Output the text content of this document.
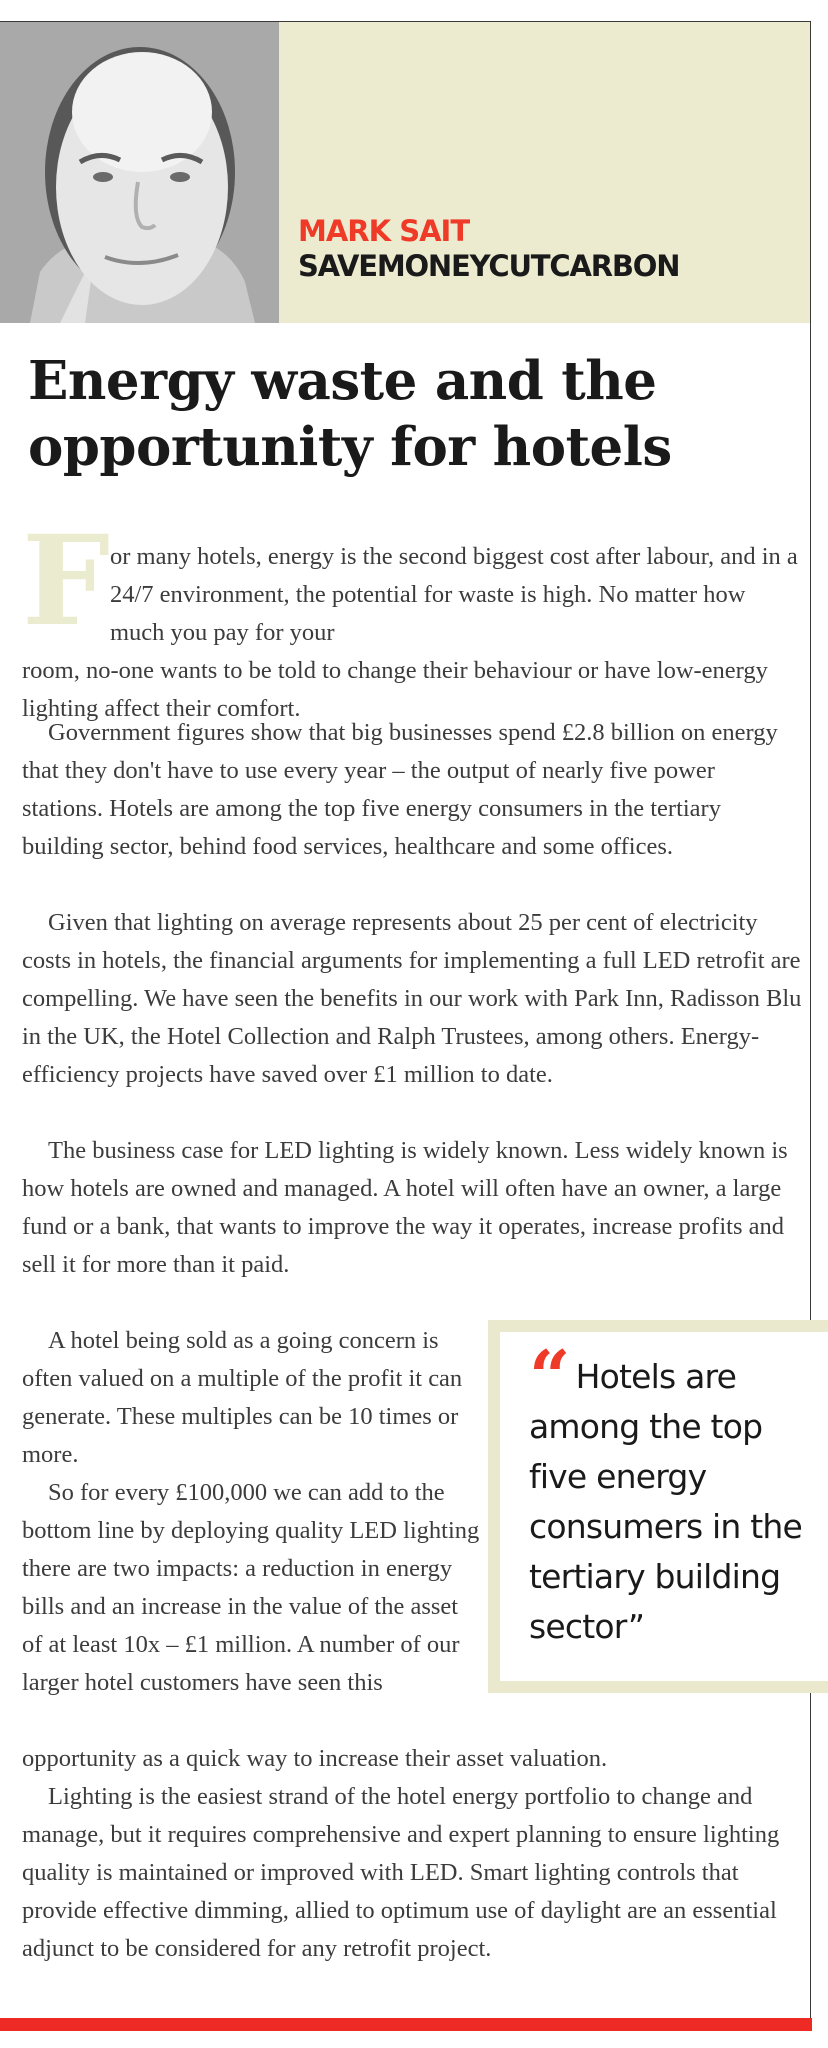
MARK SAIT
SAVEMONEYCUTCARBON
Energy waste and the opportunity for hotels
F or many hotels, energy is the second biggest cost after labour, and in a 24/7 environment, the potential for waste is high. No matter how much you pay for your

room, no-one wants to be told to change their behaviour or have low-energy lighting affect their comfort.

Government figures show that big businesses spend £2.8 billion on energy that they don't have to use every year – the output of nearly five power stations. Hotels are among the top five energy consumers in the tertiary building sector, behind food services, healthcare and some offices.

Given that lighting on average represents about 25 per cent of electricity costs in hotels, the financial arguments for implementing a full LED retrofit are compelling. We have seen the benefits in our work with Park Inn, Radisson Blu in the UK, the Hotel Collection and Ralph Trustees, among others. Energy-efficiency projects have saved over £1 million to date.

The business case for LED lighting is widely known. Less widely known is how hotels are owned and managed. A hotel will often have an owner, a large fund or a bank, that wants to improve the way it operates, increase profits and sell it for more than it paid.

A hotel being sold as a going concern is often valued on a multiple of the profit it can generate. These multiples can be 10 times or more.

So for every £100,000 we can add to the bottom line by deploying quality LED lighting there are two impacts: a reduction in energy bills and an increase in the value of the asset of at least 10x – £1 million. A number of our larger hotel customers have seen this

opportunity as a quick way to increase their asset valuation.

Lighting is the easiest strand of the hotel energy portfolio to change and manage, but it requires comprehensive and expert planning to ensure lighting quality is maintained or improved with LED. Smart lighting controls that provide effective dimming, allied to optimum use of daylight are an essential adjunct to be considered for any retrofit project.

“ Hotels are among the top five energy consumers in the tertiary building sector”
